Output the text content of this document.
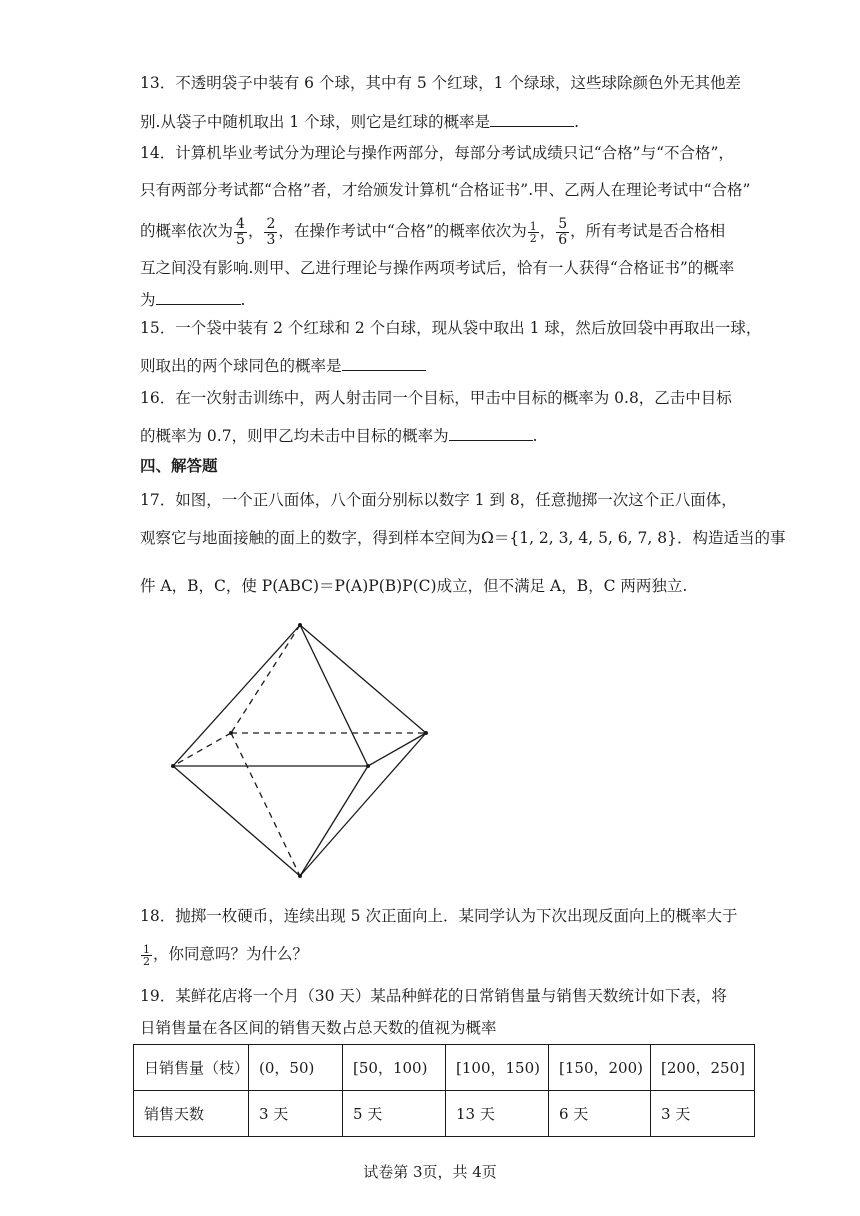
13．不透明袋子中装有 6 个球，其中有 5 个红球，1 个绿球，这些球除颜色外无其他差
别.从袋子中随机取出 1 个球，则它是红球的概率是	.
14．计算机毕业考试分为理论与操作两部分，每部分考试成绩只记“合格”与“不合格”，
只有两部分考试都“合格”者，才给颁发计算机“合格证书”.甲、乙两人在理论考试中“合格”
的概率依次为 $\frac{4}{5}$ ， $\frac{2}{3}$ ，在操作考试中“合格”的概率依次为 $\frac{1}{2}$ ， $\frac{5}{6}$ ，所有考试是否合格相
互之间没有影响.则甲、乙进行理论与操作两项考试后，恰有一人获得“合格证书”的概率
为	.
15．一个袋中装有 2 个红球和 2 个白球，现从袋中取出 1 球，然后放回袋中再取出一球，
则取出的两个球同色的概率是
16．在一次射击训练中，两人射击同一个目标，甲击中目标的概率为 0.8，乙击中目标
的概率为 0.7，则甲乙均未击中目标的概率为	.
四、解答题
17．如图，一个正八面体，八个面分别标以数字 1 到 8，任意抛掷一次这个正八面体，
观察它与地面接触的面上的数字，得到样本空间为Ω＝{1, 2, 3, 4, 5, 6, 7, 8}．构造适当的事
件 A，B，C，使 P(ABC)＝P(A)P(B)P(C)成立，但不满足 A，B，C 两两独立.
18．抛掷一枚硬币，连续出现 5 次正面向上．某同学认为下次出现反面向上的概率大于
$\frac{1}{2}$ ，你同意吗？为什么？
19．某鲜花店将一个月（30 天）某品种鲜花的日常销售量与销售天数统计如下表，将
日销售量在各区间的销售天数占总天数的值视为概率
日销售量（枝）	(0，50)	[50，100)	[100，150)	[150，200)	[200，250]
销售天数	3 天	5 天	13 天	6 天	3 天
试卷第 3页，共 4页
